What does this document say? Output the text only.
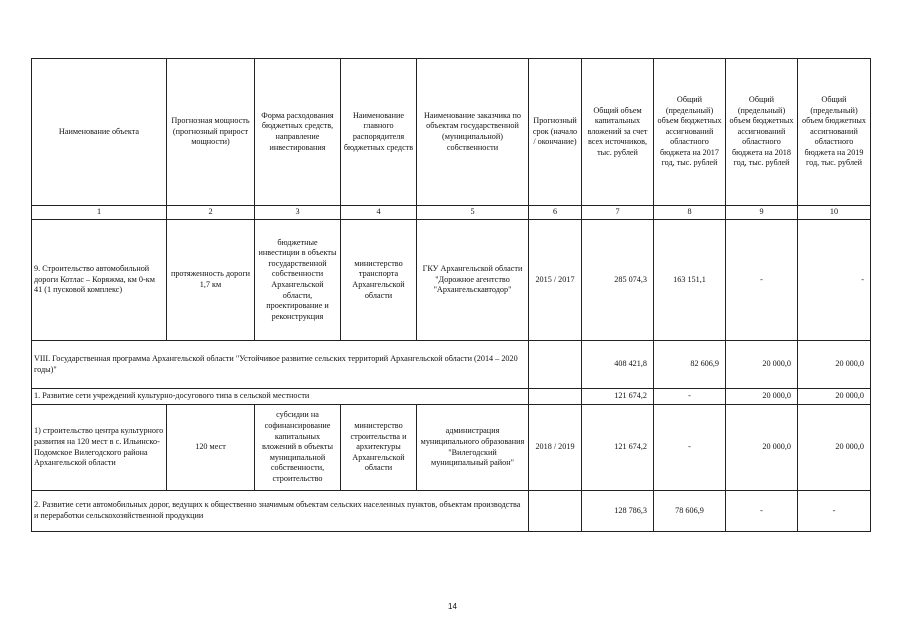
Наименование объекта	Прогнозная мощность (прогнозный прирост мощности)	Форма расходования бюджетных средств, направление инвестирования	Наименование главного распорядителя бюджетных средств	Наименование заказчика по объектам государственной (муниципальной) собственности	Прогнозный срок (начало / окончание)	Общий объем капитальных вложений за счет всех источников, тыс. рублей	Общий (предельный) объем бюджетных ассигнований областного бюджета на 2017 год, тыс. рублей	Общий (предельный) объем бюджетных ассигнований областного бюджета на 2018 год, тыс. рублей	Общий (предельный) объем бюджетных ассигнований областного бюджета на 2019 год, тыс. рублей
1	2	3	4	5	6	7	8	9	10
9. Строительство автомобильной дороги Котлас – Коряжма, км 0-км 41 (1 пусковой комплекс)	протяженность дороги 1,7 км	бюджетные инвестиции в объекты государственной собственности Архангельской области, проектирование и реконструкция	министерство транспорта Архангельской области	ГКУ Архангельской области "Дорожное агентство "Архангельскавтодор"	2015 / 2017	285 074,3	163 151,1	-	-
VIII. Государственная программа Архангельской области "Устойчивое развитие сельских территорий Архангельской области (2014 – 2020 годы)"						408 421,8	82 606,9	20 000,0	20 000,0
1. Развитие сети учреждений культурно-досугового типа в сельской местности						121 674,2	-	20 000,0	20 000,0
1) строительство центра культурного развития на 120 мест в с. Ильинско-Подомское Вилегодского района Архангельской области	120 мест	субсидии на софинансирование капитальных вложений в объекты муниципальной собственности, строительство	министерство строительства и архитектуры Архангельской области	администрация муниципального образования "Вилегодский муниципальный район"	2018 / 2019	121 674,2	-	20 000,0	20 000,0
2. Развитие сети автомобильных дорог, ведущих к общественно значимым объектам сельских населенных пунктов, объектам производства и переработки сельскохозяйственной продукции						128 786,3	78 606,9	-	-
14
